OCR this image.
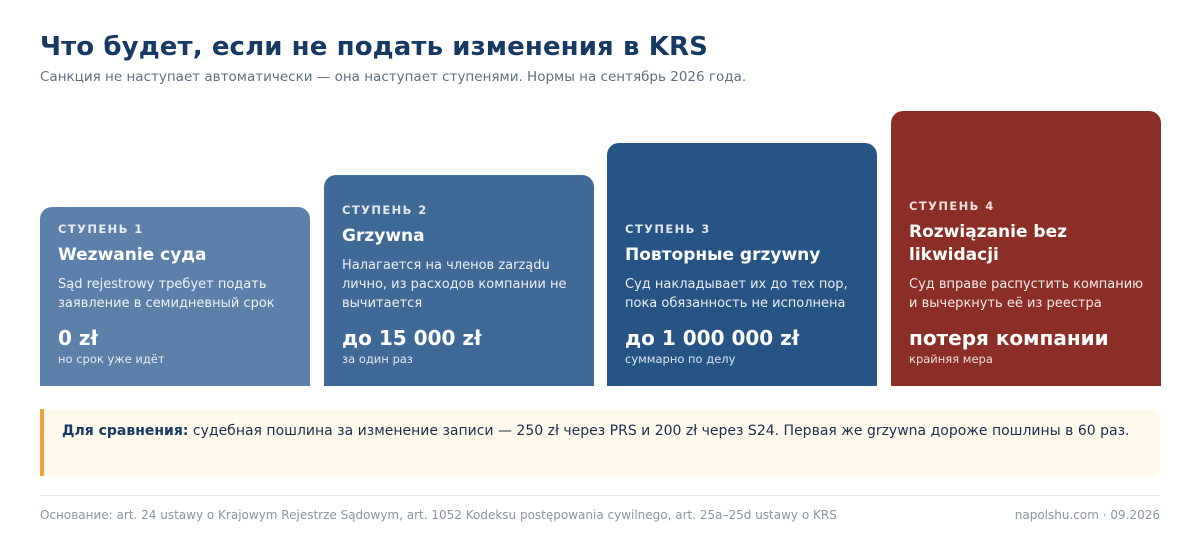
Что будет, если не подать изменения в KRS
Санкция не наступает автоматически — она наступает ступенями. Нормы на сентябрь 2026 года.
СТУПЕНЬ 1
Wezwanie суда
Sąd rejestrowy требует подать заявление в семидневный срок
0 zł
но срок уже идёт
СТУПЕНЬ 2
Grzywna
Налагается на членов zarządu лично, из расходов компании не вычитается
до 15 000 zł
за один раз
СТУПЕНЬ 3
Повторные grzywny
Суд накладывает их до тех пор, пока обязанность не исполнена
до 1 000 000 zł
суммарно по делу
СТУПЕНЬ 4
Rozwiązanie bez likwidacji
Суд вправе распустить компанию и вычеркнуть её из реестра
потеря компании
крайняя мера
Для сравнения: судебная пошлина за изменение записи — 250 zł через PRS и 200 zł через S24. Первая же grzywna дороже пошлины в 60 раз.
Основание: art. 24 ustawy o Krajowym Rejestrze Sądowym, art. 1052 Kodeksu postępowania cywilnego, art. 25a–25d ustawy o KRS	napolshu.com · 09.2026
